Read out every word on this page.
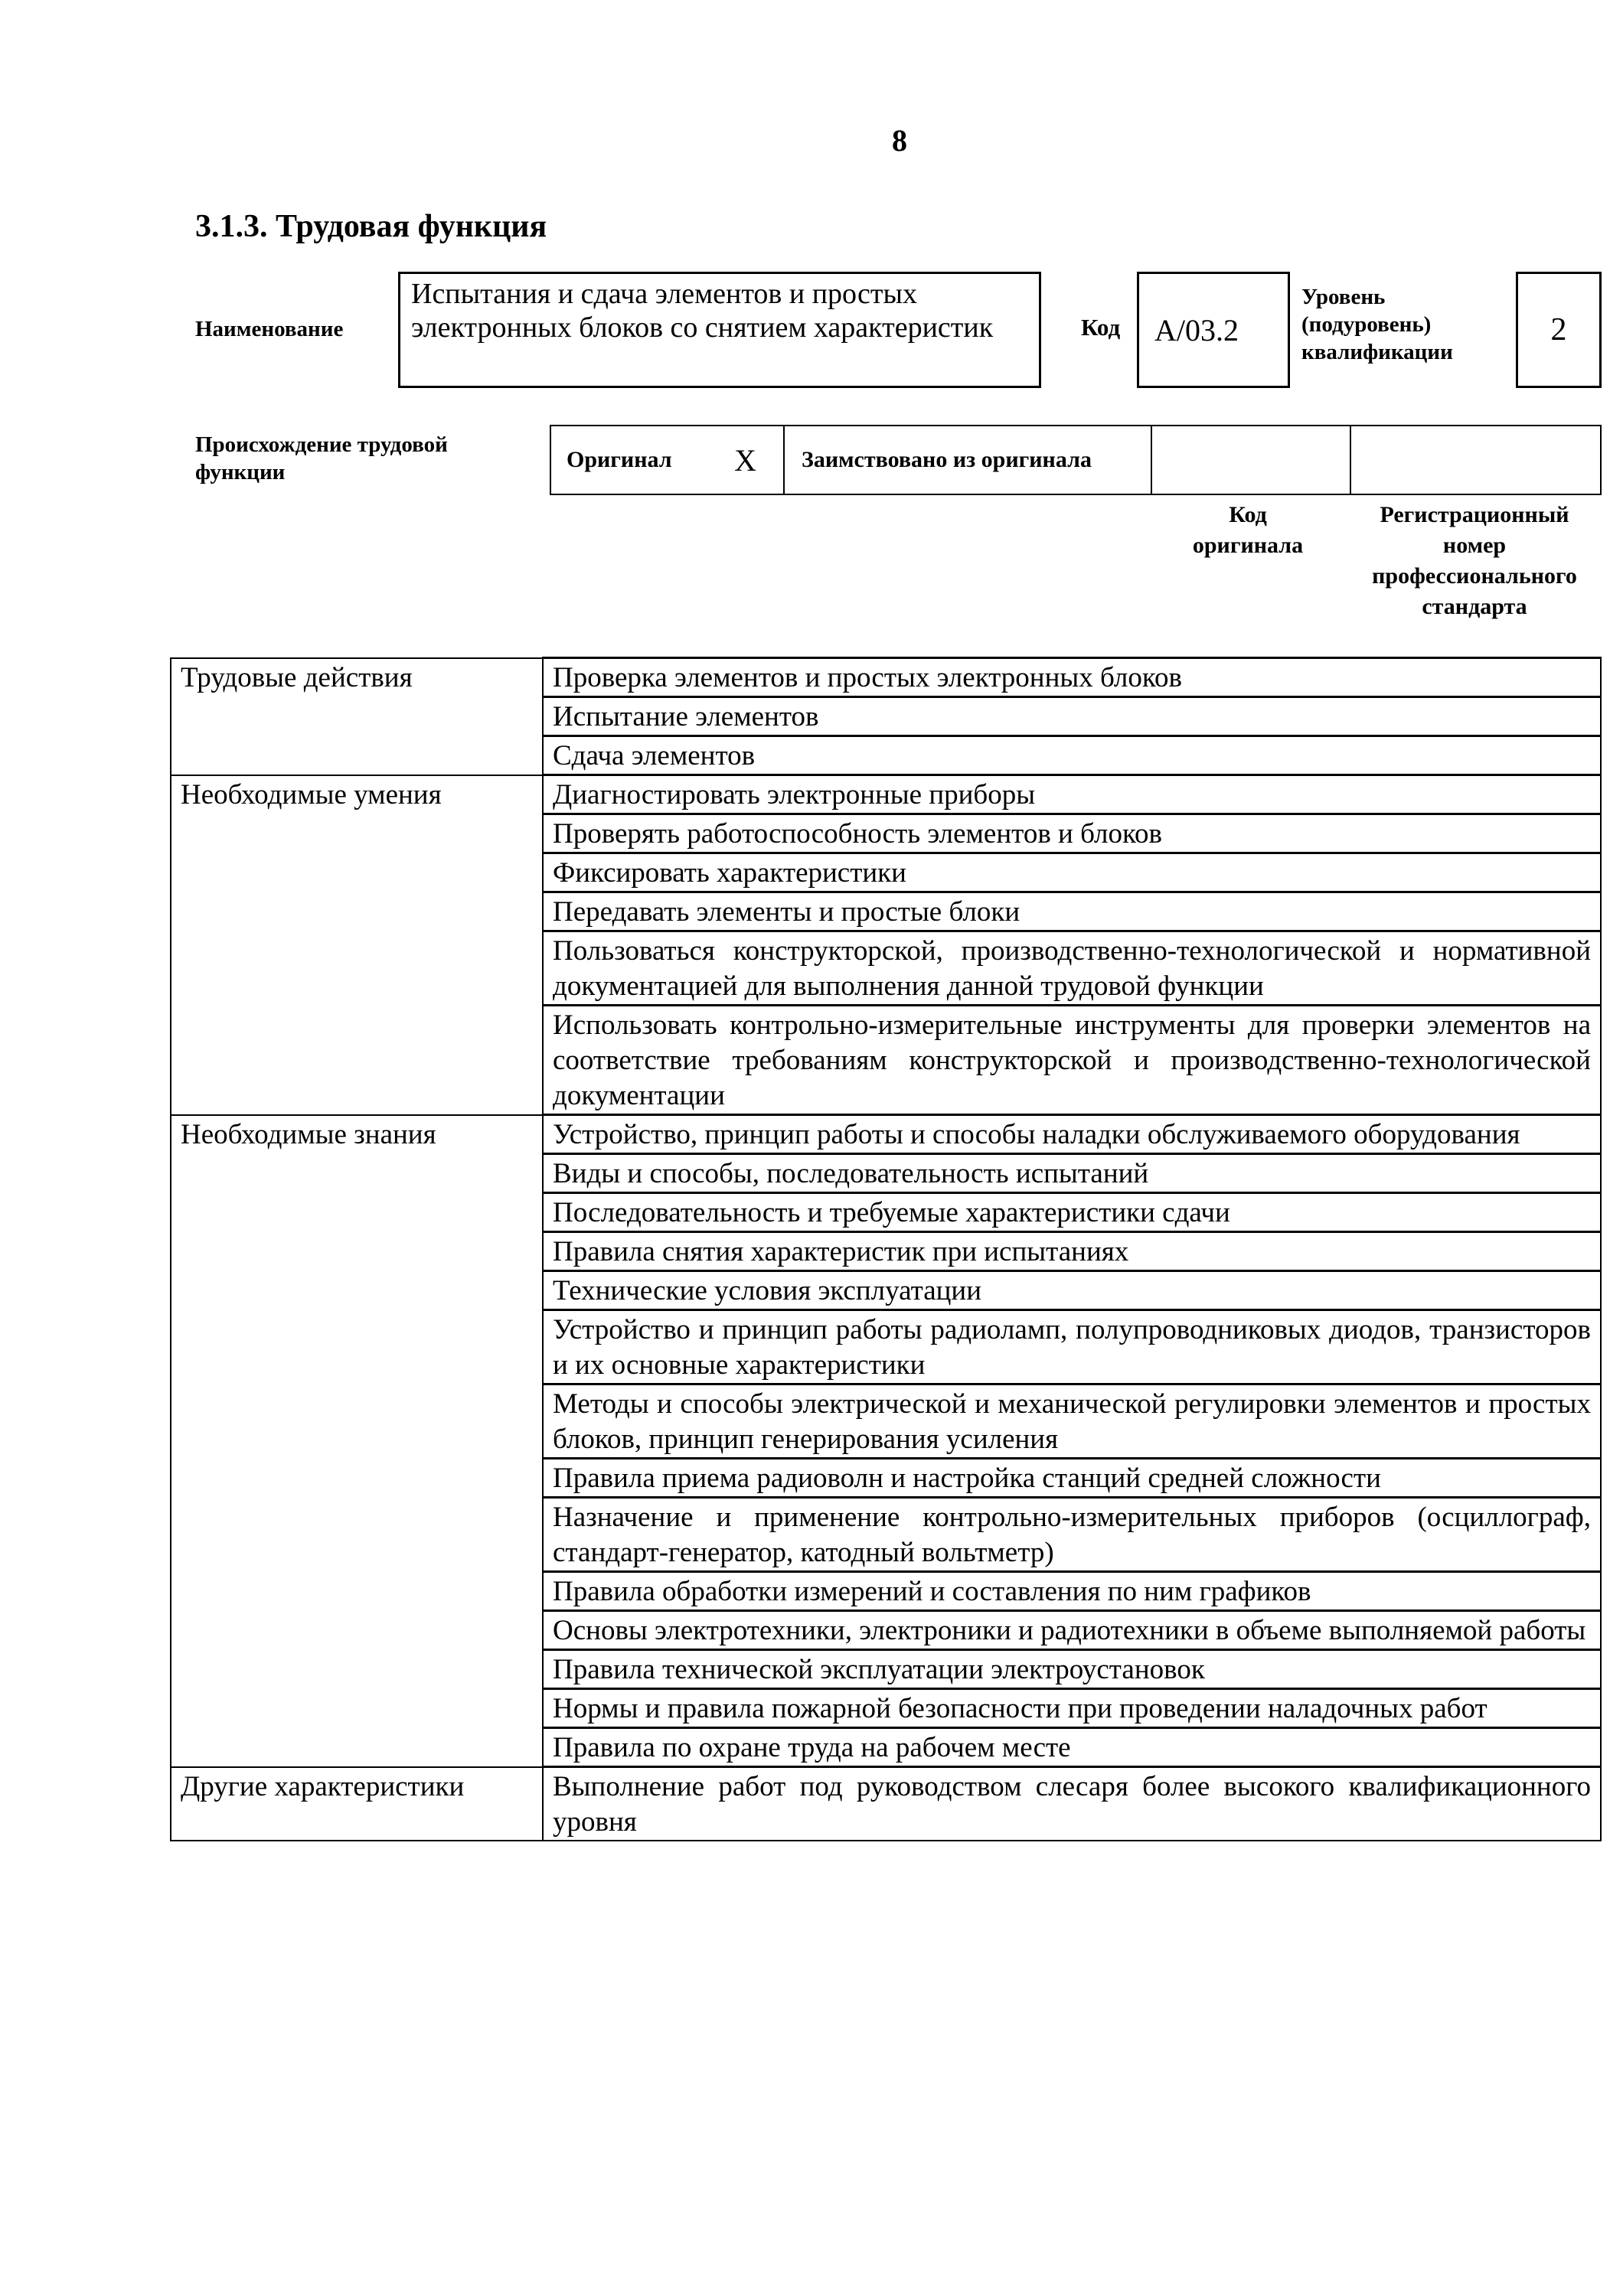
8
3.1.3. Трудовая функция
Наименование
Испытания и сдача элементов и простых электронных блоков со снятием характеристик	Код	A/03.2
Уровень
(подуровень)
квалификации
2
Происхождение трудовой
функции	Оригинал X	Заимствовано из оригинала
Код
оригинала
Регистрационный
номер
профессионального
стандарта
Трудовые действия	Проверка элементов и простых электронных блоков
	Испытание элементов
	Сдача элементов
Необходимые умения	Диагностировать электронные приборы
	Проверять работоспособность элементов и блоков
	Фиксировать характеристики
	Передавать элементы и простые блоки
	Пользоваться конструкторской, производственно-технологической и нормативной документацией для выполнения данной трудовой функции
	Использовать контрольно-измерительные инструменты для проверки элементов на соответствие требованиям конструкторской и производственно-технологической документации
Необходимые знания	Устройство, принцип работы и способы наладки обслуживаемого оборудования
	Виды и способы, последовательность испытаний
	Последовательность и требуемые характеристики сдачи
	Правила снятия характеристик при испытаниях
	Технические условия эксплуатации
	Устройство и принцип работы радиоламп, полупроводниковых диодов, транзисторов и их основные характеристики
	Методы и способы электрической и механической регулировки элементов и простых блоков, принцип генерирования усиления
	Правила приема радиоволн и настройка станций средней сложности
	Назначение и применение контрольно-измерительных приборов (осциллограф, стандарт-генератор, катодный вольтметр)
	Правила обработки измерений и составления по ним графиков
	Основы электротехники, электроники и радиотехники в объеме выполняемой работы
	Правила технической эксплуатации электроустановок
	Нормы и правила пожарной безопасности при проведении наладочных работ
	Правила по охране труда на рабочем месте
Другие характеристики	Выполнение работ под руководством слесаря более высокого квалификационного уровня
